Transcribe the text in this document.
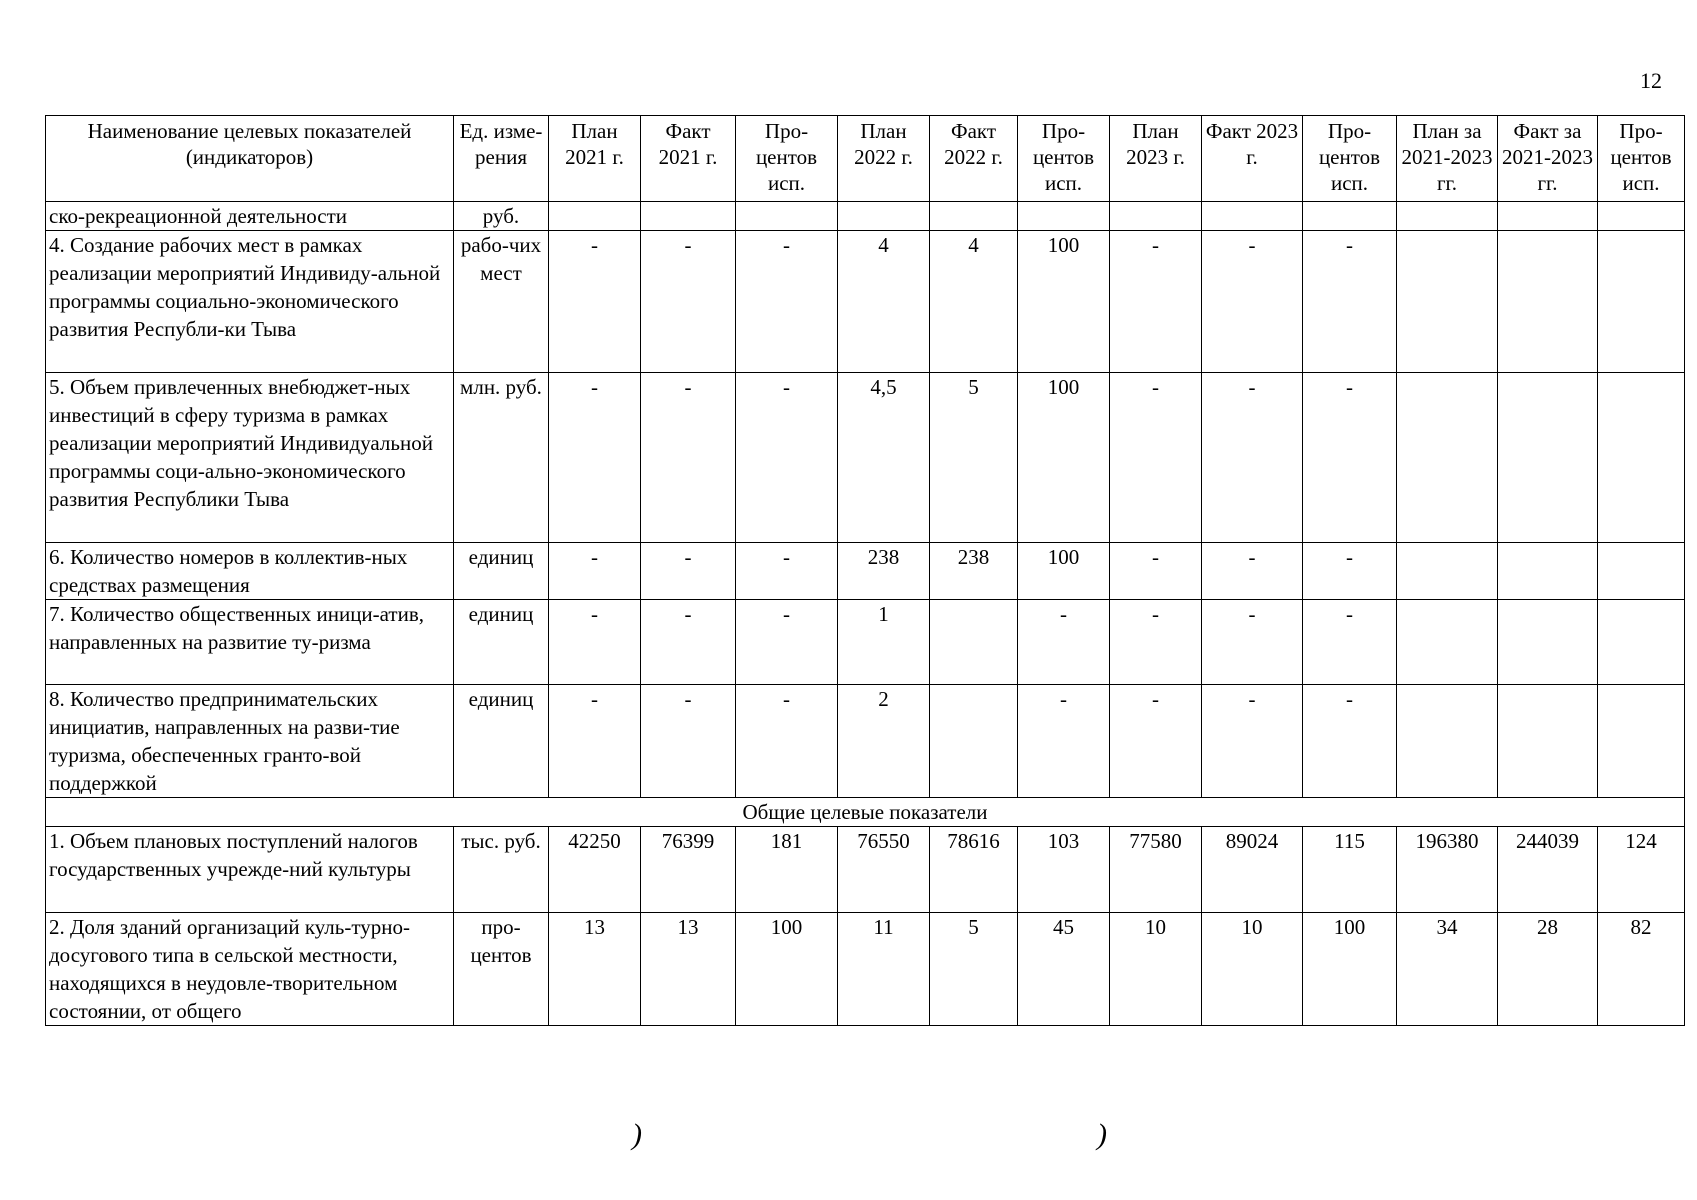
12
Наименование целевых показателей (индикаторов)	Ед. изме-рения	План 2021 г.	Факт 2021 г.	Про-центов исп.	План 2022 г.	Факт 2022 г.	Про-центов исп.	План 2023 г.	Факт 2023 г.	Про-центов исп.	План за 2021-2023 гг.	Факт за 2021-2023 гг.	Про-центов исп.
ско-рекреационной деятельности	руб.												
4. Создание рабочих мест в рамках реализации мероприятий Индивиду-альной программы социально-экономического развития Республи-ки Тыва	рабо-чих мест	-	-	-	4	4	100	-	-	-			
5. Объем привлеченных внебюджет-ных инвестиций в сферу туризма в рамках реализации мероприятий Индивидуальной программы соци-ально-экономического развития Республики Тыва	млн. руб.	-	-	-	4,5	5	100	-	-	-			
6. Количество номеров в коллектив-ных средствах размещения	единиц	-	-	-	238	238	100	-	-	-			
7. Количество общественных иници-атив, направленных на развитие ту-ризма	единиц	-	-	-	1		-	-	-	-			
8. Количество предпринимательских инициатив, направленных на разви-тие туризма, обеспеченных гранто-вой поддержкой	единиц	-	-	-	2		-	-	-	-			
Общие целевые показатели													
1. Объем плановых поступлений налогов государственных учрежде-ний культуры	тыс. руб.	42250	76399	181	76550	78616	103	77580	89024	115	196380	244039	124
2. Доля зданий организаций куль-турно-досугового типа в сельской местности, находящихся в неудовле-творительном состоянии, от общего	про-центов	13	13	100	11	5	45	10	10	100	34	28	82
)	)
